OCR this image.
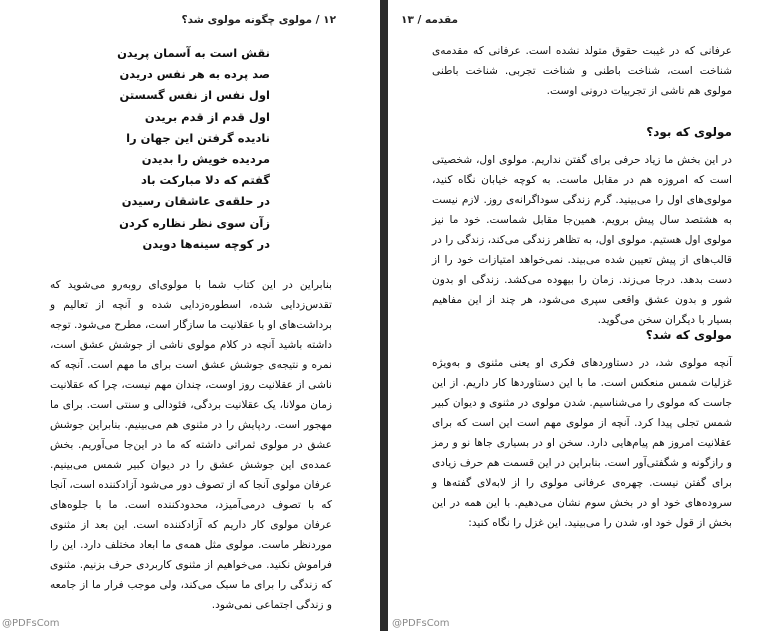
۱۲ / مولوی چگونه مولوی شد؟
نقش است به آسمان پریدن
صد پرده به هر نفس دریدن
اول نفس از نفس گسستن
اول قدم از قدم بریدن
نادیده گرفتن این جهان را
مردیده خویش را بدیدن
گفتم که دلا مبارکت باد
در حلقه‌ی عاشقان رسیدن
زآن سوی نظر نظاره کردن
در کوچه سینه‌ها دویدن

بنابراین در این کتاب شما با مولوی‌ای روبه‌رو می‌شوید که تقدس‌زدایی شده، اسطوره‌زدایی شده و آنچه از تعالیم و برداشت‌های او با عقلانیت ما سازگار است، مطرح می‌شود. توجه داشته باشید آنچه در کلام مولوی ناشی از جوشش عشق است، نمره و نتیجه‌ی جوشش عشق است برای ما مهم است. آنچه که ناشی از عقلانیت روز اوست، چندان مهم نیست، چرا که عقلانیت زمان مولانا، یک عقلانیت بردگی، فئودالی و سنتی است. برای ما مهجور است. ردپایش را در مثنوی هم می‌بینیم. بنابراین جوشش عشق در مولوی ثمراتی داشته که ما در این‌جا می‌آوریم. بخش عمده‌ی این جوشش عشق را در دیوان کبیر شمس می‌بینیم. عرفان مولوی آنجا که از تصوف دور می‌شود آزادکننده است، آنجا که با تصوف درمی‌آمیزد، محدودکننده است. ما با جلوه‌های عرفان مولوی کار داریم که آزادکننده است. این بعد از مثنوی موردنظر ماست. مولوی مثل همه‌ی ما ابعاد مختلف دارد. این را فراموش نکنید. می‌خواهیم از مثنوی کاربردی حرف بزنیم. مثنوی که زندگی را برای ما سبک می‌کند، ولی موجب فرار ما از جامعه و زندگی اجتماعی نمی‌شود.

@PDFsCom
مقدمه / ۱۳

عرفانی که در غیبت حقوق متولد نشده است. عرفانی که مقدمه‌ی شناخت است، شناخت باطنی و شناخت تجربی. شناخت باطنی مولوی هم ناشی از تجربیات درونی اوست.

مولوی که بود؟

در این بخش ما زیاد حرفی برای گفتن نداریم. مولوی اول، شخصیتی است که امروزه هم در مقابل ماست. به کوچه خیابان نگاه کنید، مولوی‌های اول را می‌بینید. گرم زندگی سوداگرانه‌ی روز. لازم نیست به هشتصد سال پیش برویم. همین‌جا مقابل شماست. خود ما نیز مولوی اول هستیم. مولوی اول، به تظاهر زندگی می‌کند، زندگی را در قالب‌های از پیش تعیین شده می‌بیند. نمی‌خواهد امتیازات خود را از دست بدهد. درجا می‌زند. زمان را بیهوده می‌کشد. زندگی او بدون شور و بدون عشق واقعی سپری می‌شود، هر چند از این مفاهیم بسیار با دیگران سخن می‌گوید.

مولوی که شد؟

آنچه مولوی شد، در دستاوردهای فکری او یعنی مثنوی و به‌ویژه غزلیات شمس منعکس است. ما با این دستاوردها کار داریم. از این جاست که مولوی را می‌شناسیم. شدن مولوی در مثنوی و دیوان کبیر شمس تجلی پیدا کرد. آنچه از مولوی مهم است این است که برای عقلانیت امروز هم پیام‌هایی دارد. سخن او در بسیاری جاها نو و رمز و رازگونه و شگفتی‌آور است. بنابراین در این قسمت هم حرف زیادی برای گفتن نیست. چهره‌ی عرفانی مولوی را از لابه‌لای گفته‌ها و سروده‌های خود او در بخش سوم نشان می‌دهیم. با این همه در این بخش از قول خود او، شدن را می‌بینید. این غزل را نگاه کنید:

@PDFsCom
